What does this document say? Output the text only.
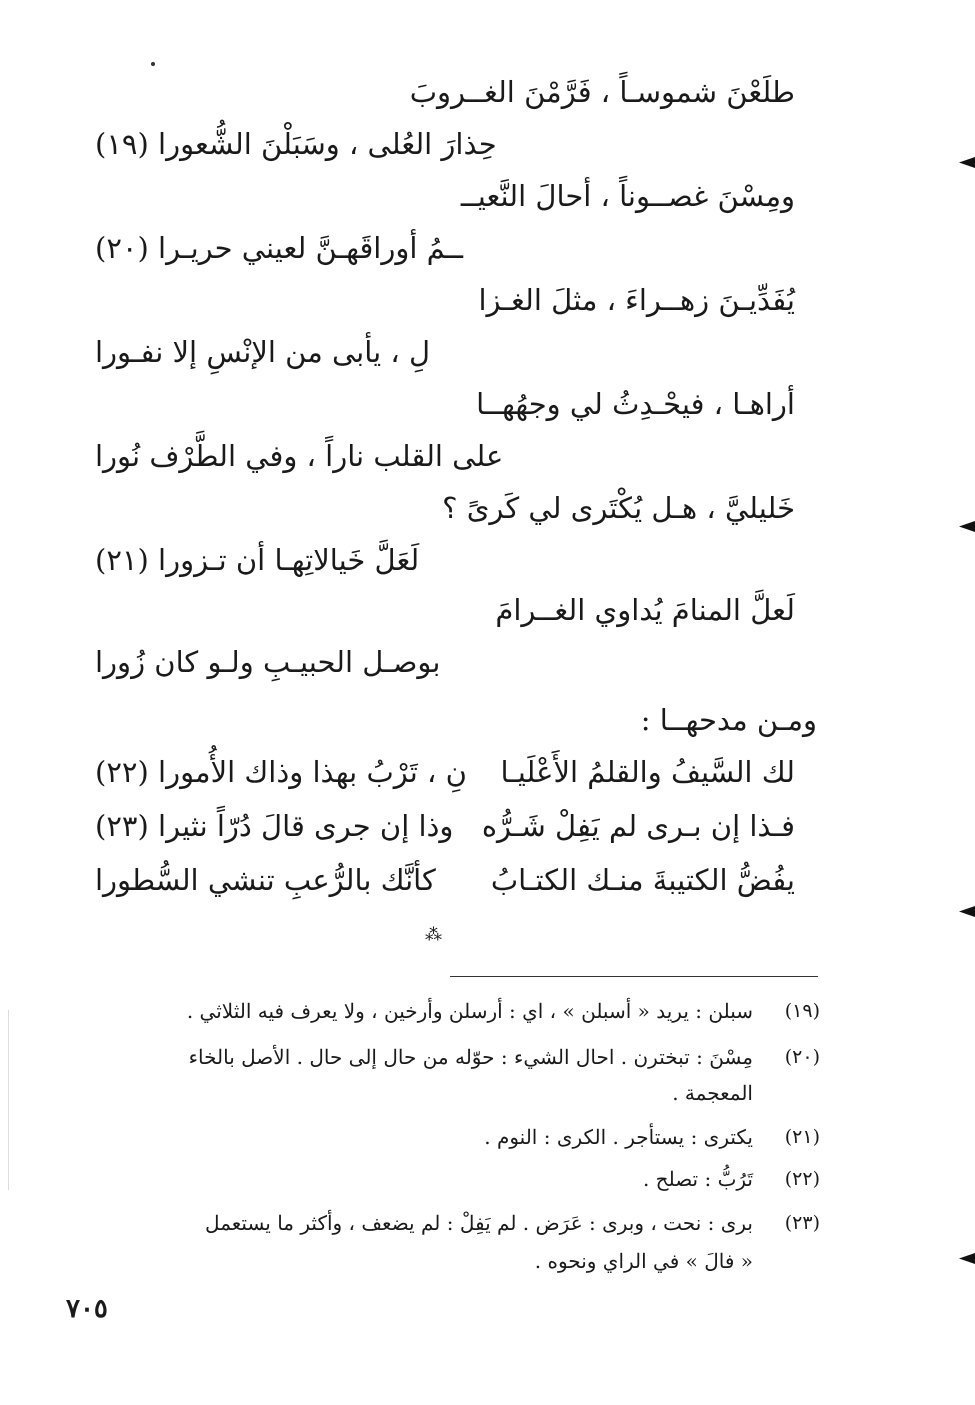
طلَعْنَ شموسـاً ، فَرَّمْنَ الغــروبَ
حِذارَ العُلى ، وسَبَلْنَ الشُّعورا (١٩)
ومِسْنَ غصــوناً ، أحالَ النَّعيــ
ــمُ أوراقَهـنَّ لعيني حريـرا (٢٠)
يُفَدِّيـنَ زهــراءَ ، مثلَ الغـزا
لِ ، يأبى من الإنْسِ إلا نفـورا
أراهـا ، فيحْـدِثُ لي وجهُهــا
على القلب ناراً ، وفي الطَّرْف نُورا
خَليليَّ ، هـل يُكْتَرى لي كَرىً ؟
لَعَلَّ خَيالاتِهـا أن تـزورا (٢١)
لَعلَّ المنامَ يُداوي الغــرامَ
بوصـل الحبيـبِ ولـو كان زُورا
ومـن مدحهــا :
لك السَّيفُ والقلمُ الأَعْلَيـا
نِ ، تَرْبُ بهذا وذاك الأُمورا (٢٢)
فـذا إن بـرى لم يَفِلْ شَـرُّه
وذا إن جرى قالَ دُرّاً نثيرا (٢٣)
يفُضُّ الكتيبةَ منـك الكتـابُ
كأنَّك بالرُّعبِ تنشي السُّطورا
⁂
(١٩)
سبلن : يريد « أسبلن » ، اي : أرسلن وأرخين ، ولا يعرف فيه الثلاثي .
(٢٠)
مِسْنَ : تبخترن . احال الشيء : حوّله من حال إلى حال . الأصل بالخاء
المعجمة .
(٢١)
يكترى : يستأجر . الكرى : النوم .
(٢٢)
تَرُبُّ : تصلح .
(٢٣)
برى : نحت ، وبرى : عَرَض . لم يَفِلْ : لم يضعف ، وأكثر ما يستعمل
« فالَ » في الراي ونحوه .
٧٠٥
